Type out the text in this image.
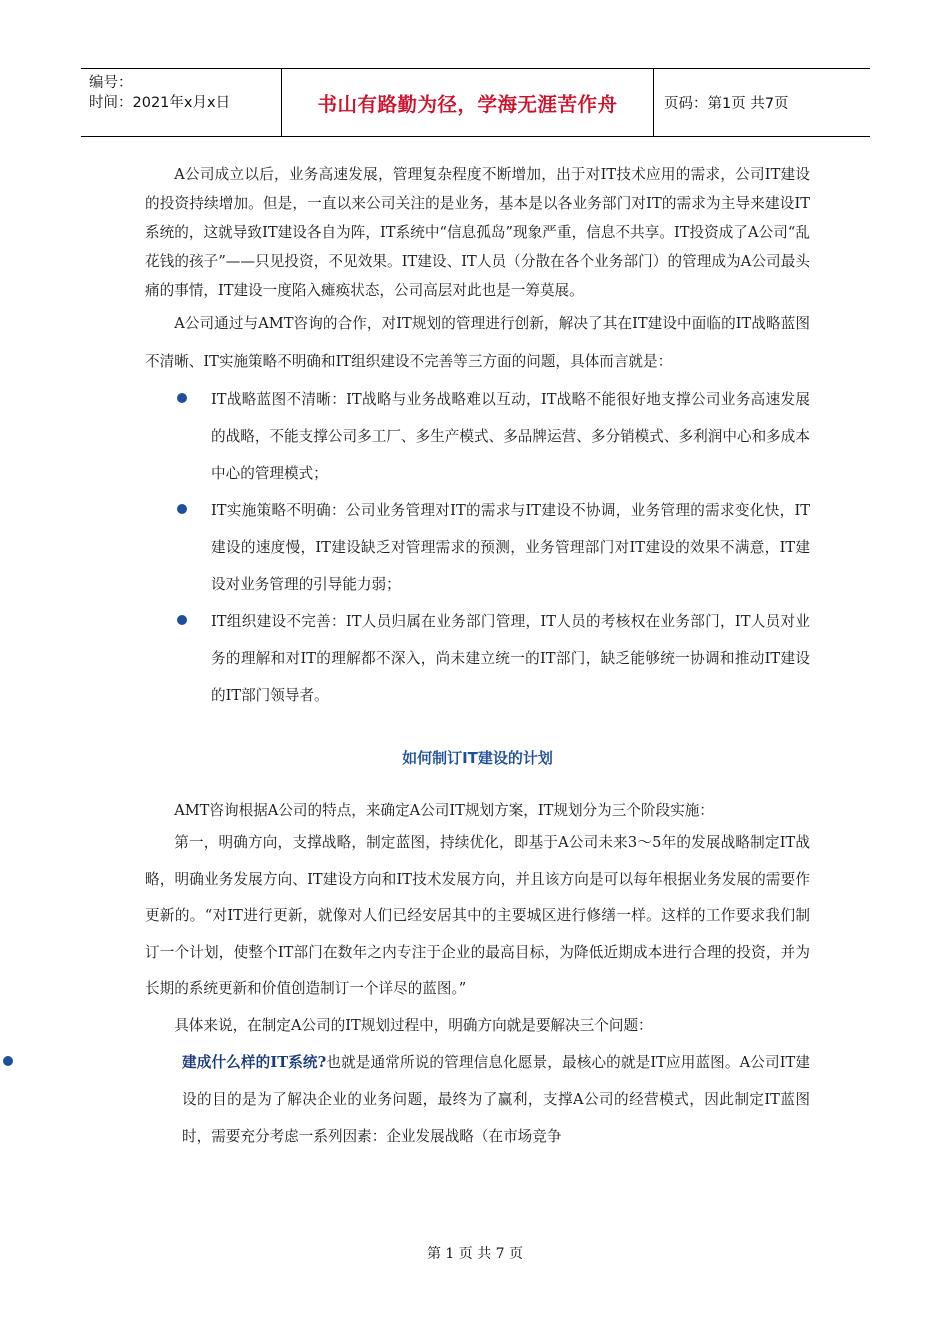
编号：
时间：2021年x月x日	书山有路勤为径，学海无涯苦作舟	页码：第1页 共7页

A公司成立以后，业务高速发展，管理复杂程度不断增加，出于对IT技术应用的需求，公司IT建设的投资持续增加。但是，一直以来公司关注的是业务，基本是以各业务部门对IT的需求为主导来建设IT系统的，这就导致IT建设各自为阵，IT系统中“信息孤岛”现象严重，信息不共享。IT投资成了A公司“乱花钱的孩子”——只见投资，不见效果。IT建设、IT人员（分散在各个业务部门）的管理成为A公司最头痛的事情，IT建设一度陷入瘫痪状态，公司高层对此也是一筹莫展。

A公司通过与AMT咨询的合作，对IT规划的管理进行创新，解决了其在IT建设中面临的IT战略蓝图不清晰、IT实施策略不明确和IT组织建设不完善等三方面的问题，具体而言就是：

IT战略蓝图不清晰：IT战略与业务战略难以互动，IT战略不能很好地支撑公司业务高速发展的战略，不能支撑公司多工厂、多生产模式、多品牌运营、多分销模式、多利润中心和多成本中心的管理模式；
IT实施策略不明确：公司业务管理对IT的需求与IT建设不协调，业务管理的需求变化快，IT建设的速度慢，IT建设缺乏对管理需求的预测，业务管理部门对IT建设的效果不满意，IT建设对业务管理的引导能力弱；
IT组织建设不完善：IT人员归属在业务部门管理，IT人员的考核权在业务部门，IT人员对业务的理解和对IT的理解都不深入，尚未建立统一的IT部门，缺乏能够统一协调和推动IT建设的IT部门领导者。
如何制订IT建设的计划

AMT咨询根据A公司的特点，来确定A公司IT规划方案，IT规划分为三个阶段实施：

第一，明确方向，支撑战略，制定蓝图，持续优化，即基于A公司未来3～5年的发展战略制定IT战略，明确业务发展方向、IT建设方向和IT技术发展方向，并且该方向是可以每年根据业务发展的需要作更新的。“对IT进行更新，就像对人们已经安居其中的主要城区进行修缮一样。这样的工作要求我们制订一个计划，使整个IT部门在数年之内专注于企业的最高目标，为降低近期成本进行合理的投资，并为长期的系统更新和价值创造制订一个详尽的蓝图。”

具体来说，在制定A公司的IT规划过程中，明确方向就是要解决三个问题：

建成什么样的IT系统?也就是通常所说的管理信息化愿景，最核心的就是IT应用蓝图。A公司IT建设的目的是为了解决企业的业务问题，最终为了赢利，支撑A公司的经营模式，因此制定IT蓝图时，需要充分考虑一系列因素：企业发展战略（在市场竞争
第 1 页 共 7 页
